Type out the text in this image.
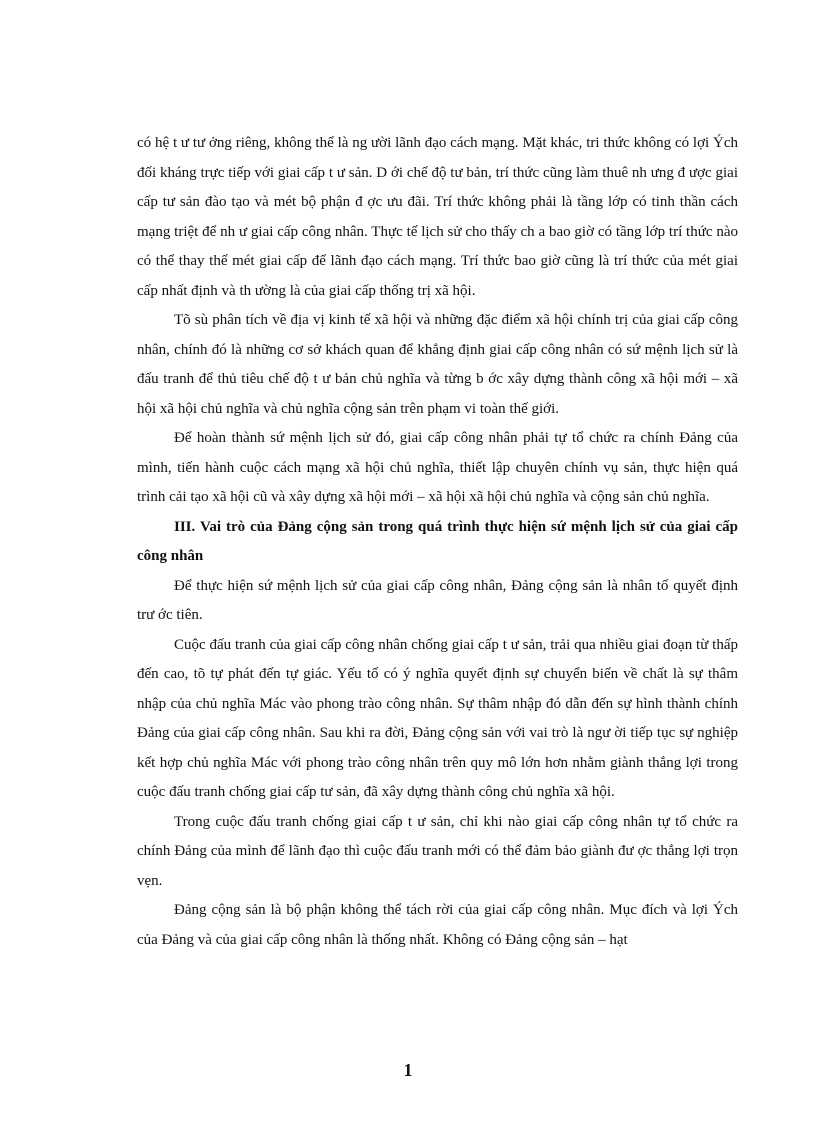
có hệ t ư tư ởng riêng, không thể là ng ười lãnh đạo cách mạng. Mặt khác, tri thức không có lợi Ých đối kháng trực tiếp với giai cấp t ư sản. D ới chế độ tư bản, trí thức cũng làm thuê nh ưng đ ược giai cấp tư sản đào tạo và mét bộ phận đ ợc ưu đãi. Trí thức không phải là tầng lớp có tinh thần cách mạng triệt để nh ư giai cấp công nhân. Thực tế lịch sử cho thấy ch a bao giờ có tầng lớp trí thức nào có thể thay thế mét giai cấp để lãnh đạo cách mạng. Trí thức bao giờ cũng là trí thức của mét giai cấp nhất định và th ường là của giai cấp thống trị xã hội.

Tõ sù phân tích về địa vị kinh tế xã hội và những đặc điểm xã hội chính trị của giai cấp công nhân, chính đó là những cơ sở khách quan để khẳng định giai cấp công nhân có sứ mệnh lịch sử là đấu tranh để thủ tiêu chế độ t ư bản chủ nghĩa và từng b ớc xây dựng thành công xã hội mới – xã hội xã hội chủ nghĩa và chủ nghĩa cộng sản trên phạm vi toàn thế giới.

Để hoàn thành sứ mệnh lịch sử đó, giai cấp công nhân phải tự tổ chức ra chính Đảng của mình, tiến hành cuộc cách mạng xã hội chủ nghĩa, thiết lập chuyên chính vụ sản, thực hiện quá trình cải tạo xã hội cũ và xây dựng xã hội mới – xã hội xã hội chủ nghĩa và cộng sản chủ nghĩa.

III. Vai trò của Đảng cộng sản trong quá trình thực hiện sứ mệnh lịch sử của giai cấp công nhân

Để thực hiện sứ mệnh lịch sử của giai cấp công nhân, Đảng cộng sản là nhân tố quyết định trư ớc tiên.

Cuộc đấu tranh của giai cấp công nhân chống giai cấp t ư sản, trải qua nhiều giai đoạn từ thấp đến cao, tõ tự phát đến tự giác. Yếu tố có ý nghĩa quyết định sự chuyển biến về chất là sự thâm nhập của chủ nghĩa Mác vào phong trào công nhân. Sự thâm nhập đó dẫn đến sự hình thành chính Đảng của giai cấp công nhân. Sau khi ra đời, Đảng cộng sản với vai trò là ngư ời tiếp tục sự nghiệp kết hợp chủ nghĩa Mác với phong trào công nhân trên quy mô lớn hơn nhằm giành thắng lợi trong cuộc đấu tranh chống giai cấp tư sản, đã xây dựng thành công chủ nghĩa xã hội.

Trong cuộc đấu tranh chống giai cấp t ư sản, chỉ khi nào giai cấp công nhân tự tổ chức ra chính Đảng của mình để lãnh đạo thì cuộc đấu tranh mới có thể đảm bảo giành đư ợc thắng lợi trọn vẹn.

Đảng cộng sản là bộ phận không thể tách rời của giai cấp công nhân. Mục đích và lợi Ých của Đảng và của giai cấp công nhân là thống nhất. Không có Đảng cộng sản – hạt

1
